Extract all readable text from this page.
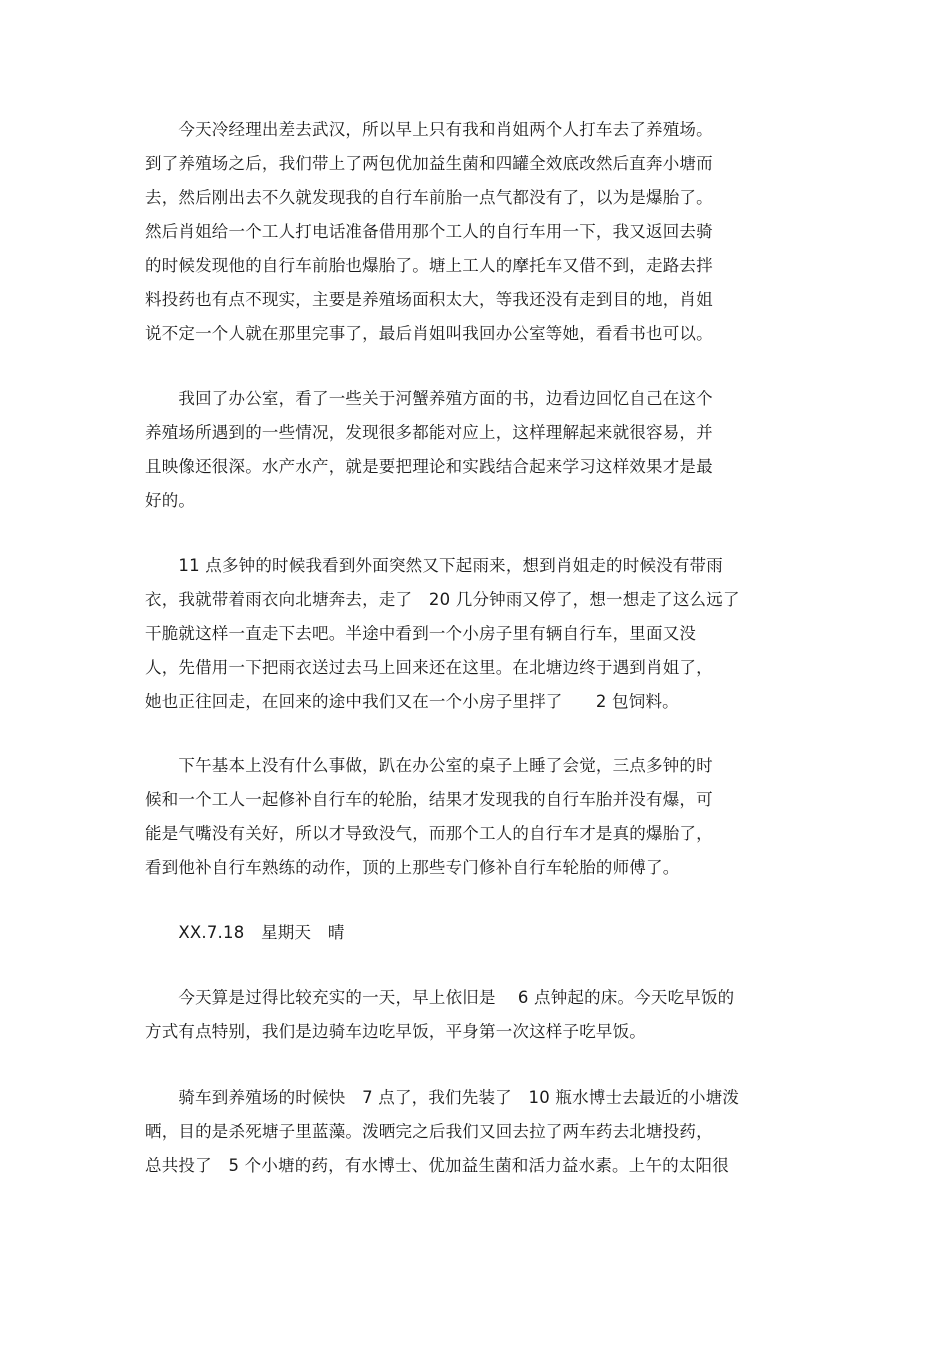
　　今天冷经理出差去武汉，所以早上只有我和肖姐两个人打车去了养殖场。
到了养殖场之后，我们带上了两包优加益生菌和四罐全效底改然后直奔小塘而
去，然后刚出去不久就发现我的自行车前胎一点气都没有了，以为是爆胎了。
然后肖姐给一个工人打电话准备借用那个工人的自行车用一下，我又返回去骑
的时候发现他的自行车前胎也爆胎了。塘上工人的摩托车又借不到，走路去拌
料投药也有点不现实，主要是养殖场面积太大，等我还没有走到目的地，肖姐
说不定一个人就在那里完事了，最后肖姐叫我回办公室等她，看看书也可以。
　　我回了办公室，看了一些关于河蟹养殖方面的书，边看边回忆自己在这个
养殖场所遇到的一些情况，发现很多都能对应上，这样理解起来就很容易，并
且映像还很深。水产水产，就是要把理论和实践结合起来学习这样效果才是最
好的。
　　11 点多钟的时候我看到外面突然又下起雨来，想到肖姐走的时候没有带雨
衣，我就带着雨衣向北塘奔去，走了　20 几分钟雨又停了，想一想走了这么远了
干脆就这样一直走下去吧。半途中看到一个小房子里有辆自行车，里面又没
人，先借用一下把雨衣送过去马上回来还在这里。在北塘边终于遇到肖姐了，
她也正往回走，在回来的途中我们又在一个小房子里拌了　　2 包饲料。
　　下午基本上没有什么事做，趴在办公室的桌子上睡了会觉，三点多钟的时
候和一个工人一起修补自行车的轮胎，结果才发现我的自行车胎并没有爆，可
能是气嘴没有关好，所以才导致没气，而那个工人的自行车才是真的爆胎了，
看到他补自行车熟练的动作，顶的上那些专门修补自行车轮胎的师傅了。
　　XX.7.18　星期天　晴
　　今天算是过得比较充实的一天，早上依旧是　 6 点钟起的床。今天吃早饭的
方式有点特别，我们是边骑车边吃早饭，平身第一次这样子吃早饭。
　　骑车到养殖场的时候快　7 点了，我们先装了　10 瓶水博士去最近的小塘泼
晒，目的是杀死塘子里蓝藻。泼晒完之后我们又回去拉了两车药去北塘投药，
总共投了　5 个小塘的药，有水博士、优加益生菌和活力益水素。上午的太阳很
